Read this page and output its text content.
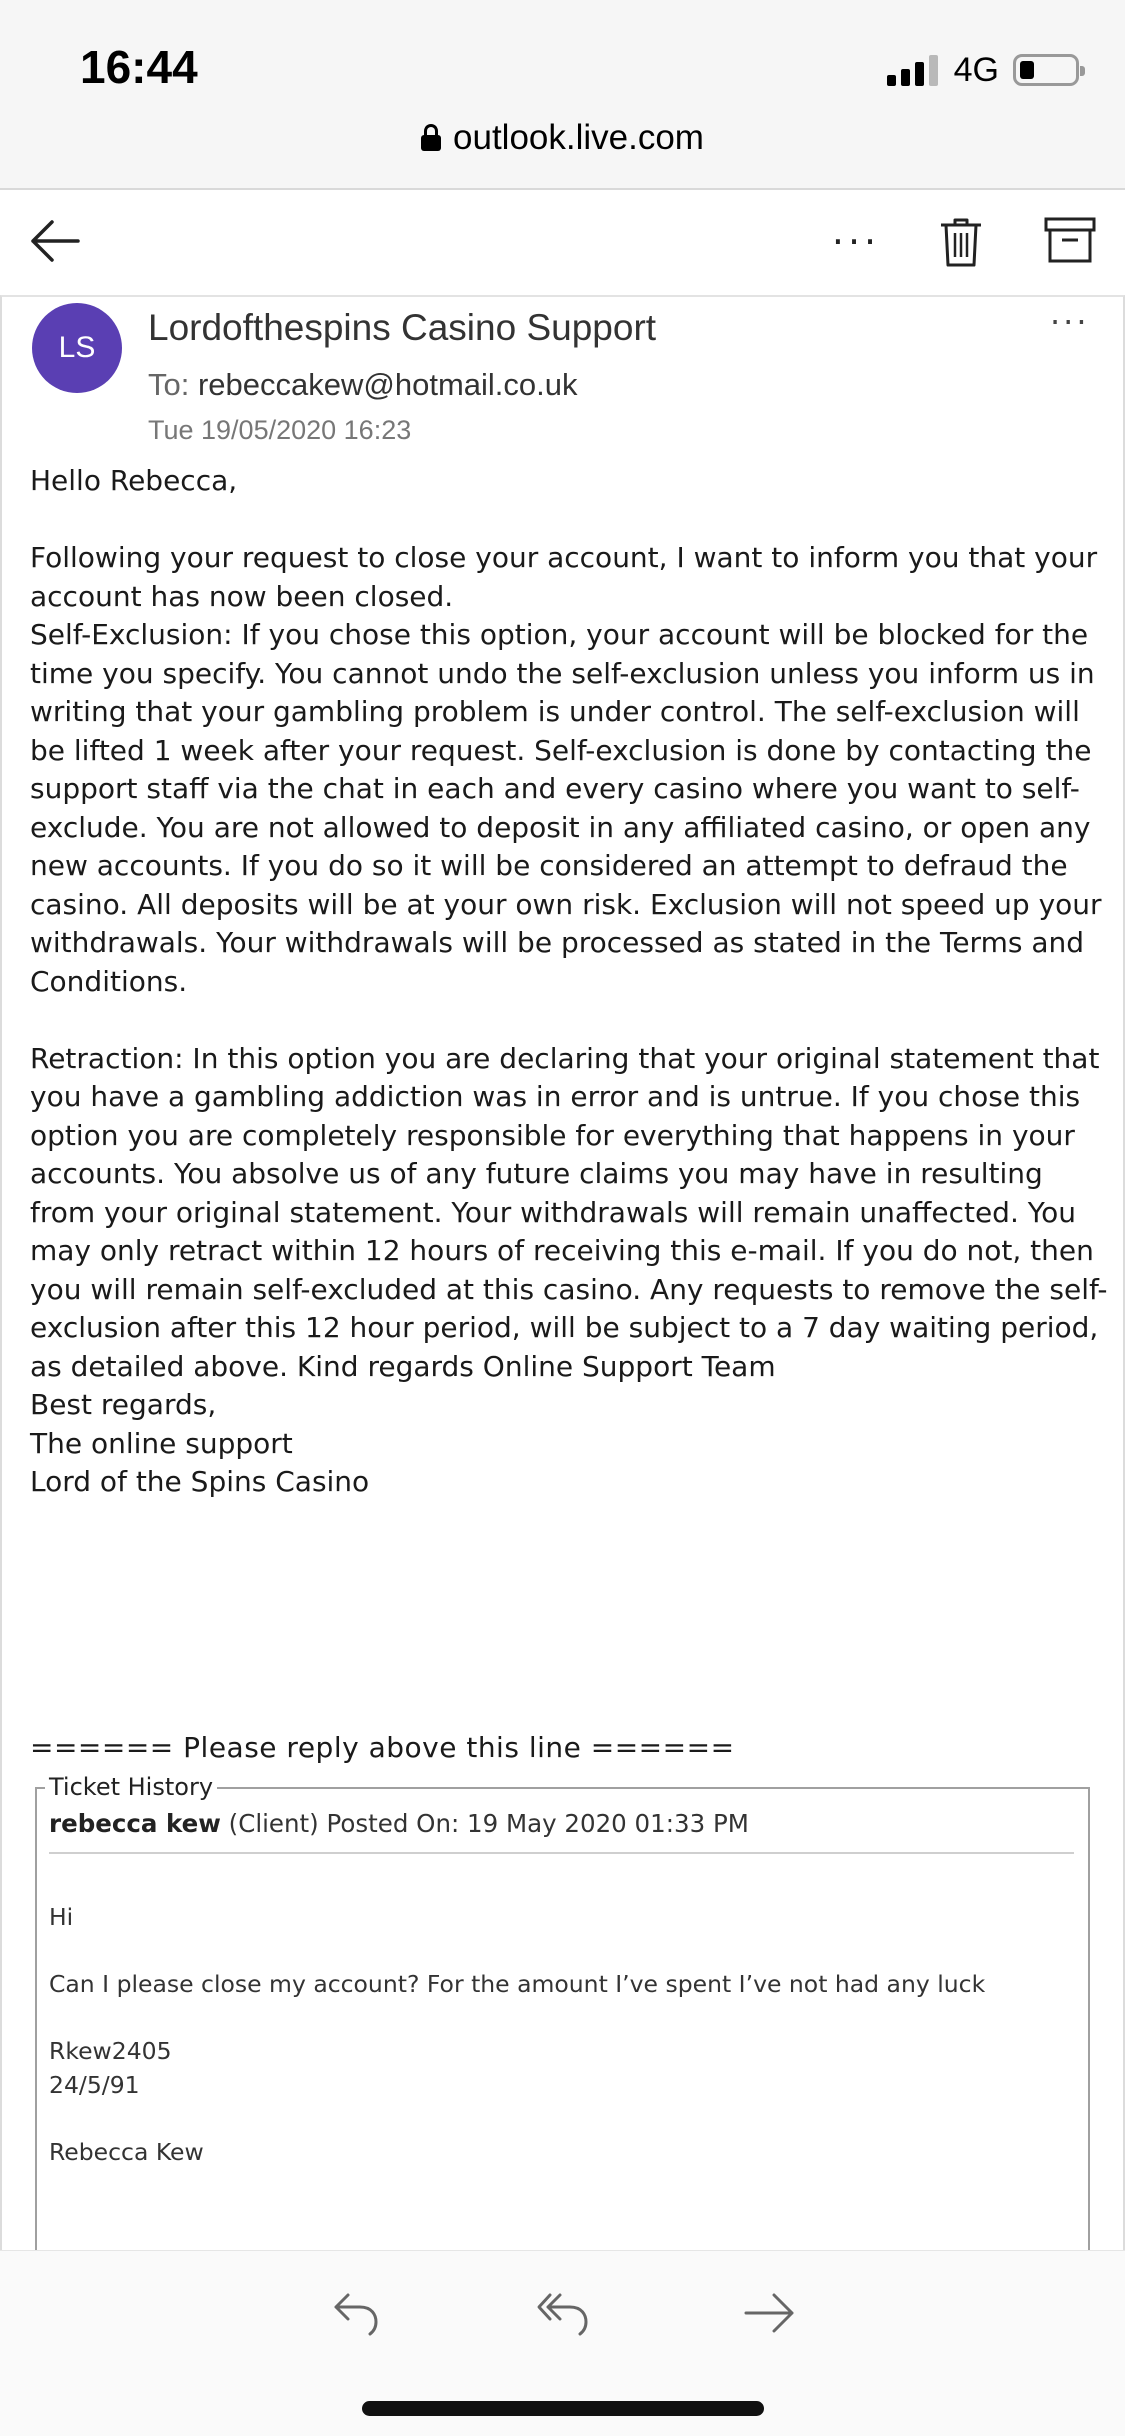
16:44	4G
outlook.live.com
···
LS	Lordofthespins Casino Support
To: rebeccakew@hotmail.co.uk
Tue 19/05/2020 16:23
···

Hello Rebecca,

Following your request to close your account, I want to inform you that your account has now been closed.

Self-Exclusion: If you chose this option, your account will be blocked for the time you specify. You cannot undo the self-exclusion unless you inform us in writing that your gambling problem is under control. The self-exclusion will be lifted 1 week after your request. Self-exclusion is done by contacting the support staff via the chat in each and every casino where you want to self-exclude. You are not allowed to deposit in any affiliated casino, or open any new accounts. If you do so it will be considered an attempt to defraud the casino. All deposits will be at your own risk. Exclusion will not speed up your withdrawals. Your withdrawals will be processed as stated in the Terms and Conditions.

Retraction: In this option you are declaring that your original statement that you have a gambling addiction was in error and is untrue. If you chose this option you are completely responsible for everything that happens in your accounts. You absolve us of any future claims you may have in resulting from your original statement. Your withdrawals will remain unaffected. You may only retract within 12 hours of receiving this e-mail. If you do not, then you will remain self-excluded at this casino. Any requests to remove the self-exclusion after this 12 hour period, will be subject to a 7 day waiting period, as detailed above. Kind regards Online Support Team

Best regards,

The online support

Lord of the Spins Casino

====== Please reply above this line ======
Ticket History
rebecca kew (Client) Posted On: 19 May 2020 01:33 PM
Hi
Can I please close my account? For the amount I’ve spent I’ve not had any luck
Rkew2405
24/5/91
Rebecca Kew
